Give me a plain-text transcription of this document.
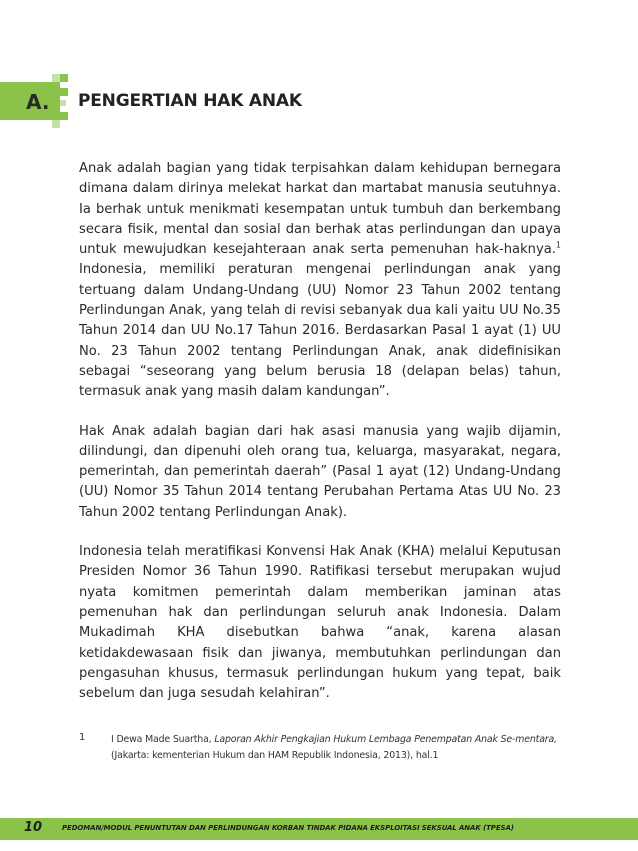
A. PENGERTIAN HAK ANAK

Anak adalah bagian yang tidak terpisahkan dalam kehidupan bernegara dimana dalam dirinya melekat harkat dan martabat manusia seutuhnya. Ia berhak untuk menikmati kesempatan untuk tumbuh dan berkembang secara fisik, mental dan sosial dan berhak atas perlindungan dan upaya untuk mewujudkan kesejahteraan anak serta pemenuhan hak-haknya.$^1$ Indonesia, memiliki peraturan mengenai perlindungan anak yang tertuang dalam Undang-Undang (UU) Nomor 23 Tahun 2002 tentang Perlindungan Anak, yang telah di revisi sebanyak dua kali yaitu UU No.35 Tahun 2014 dan UU No.17 Tahun 2016. Berdasarkan Pasal 1 ayat (1) UU No. 23 Tahun 2002 tentang Perlindungan Anak, anak didefinisikan sebagai “seseorang yang belum berusia 18 (delapan belas) tahun, termasuk anak yang masih dalam kandungan”.

Hak Anak adalah bagian dari hak asasi manusia yang wajib dijamin, dilindungi, dan dipenuhi oleh orang tua, keluarga, masyarakat, negara, pemerintah, dan pemerintah daerah” (Pasal 1 ayat (12) Undang-Undang (UU) Nomor 35 Tahun 2014 tentang Perubahan Pertama Atas UU No. 23 Tahun 2002 tentang Perlindungan Anak).

Indonesia telah meratifikasi Konvensi Hak Anak (KHA) melalui Keputusan Presiden Nomor 36 Tahun 1990. Ratifikasi tersebut merupakan wujud nyata komitmen pemerintah dalam memberikan jaminan atas pemenuhan hak dan perlindungan seluruh anak Indonesia. Dalam Mukadimah KHA disebutkan bahwa “anak, karena alasan ketidakdewasaan fisik dan jiwanya, membutuhkan perlindungan dan pengasuhan khusus, termasuk perlindungan hukum yang tepat, baik sebelum dan juga sesudah kelahiran”.

1	I Dewa Made Suartha, Laporan Akhir Pengkajian Hukum Lembaga Penempatan Anak Se-mentara, (Jakarta: kementerian Hukum dan HAM Republik Indonesia, 2013), hal.1

10	PEDOMAN/MODUL PENUNTUTAN DAN PERLINDUNGAN KORBAN TINDAK PIDANA EKSPLOITASI SEKSUAL ANAK (TPESA)
